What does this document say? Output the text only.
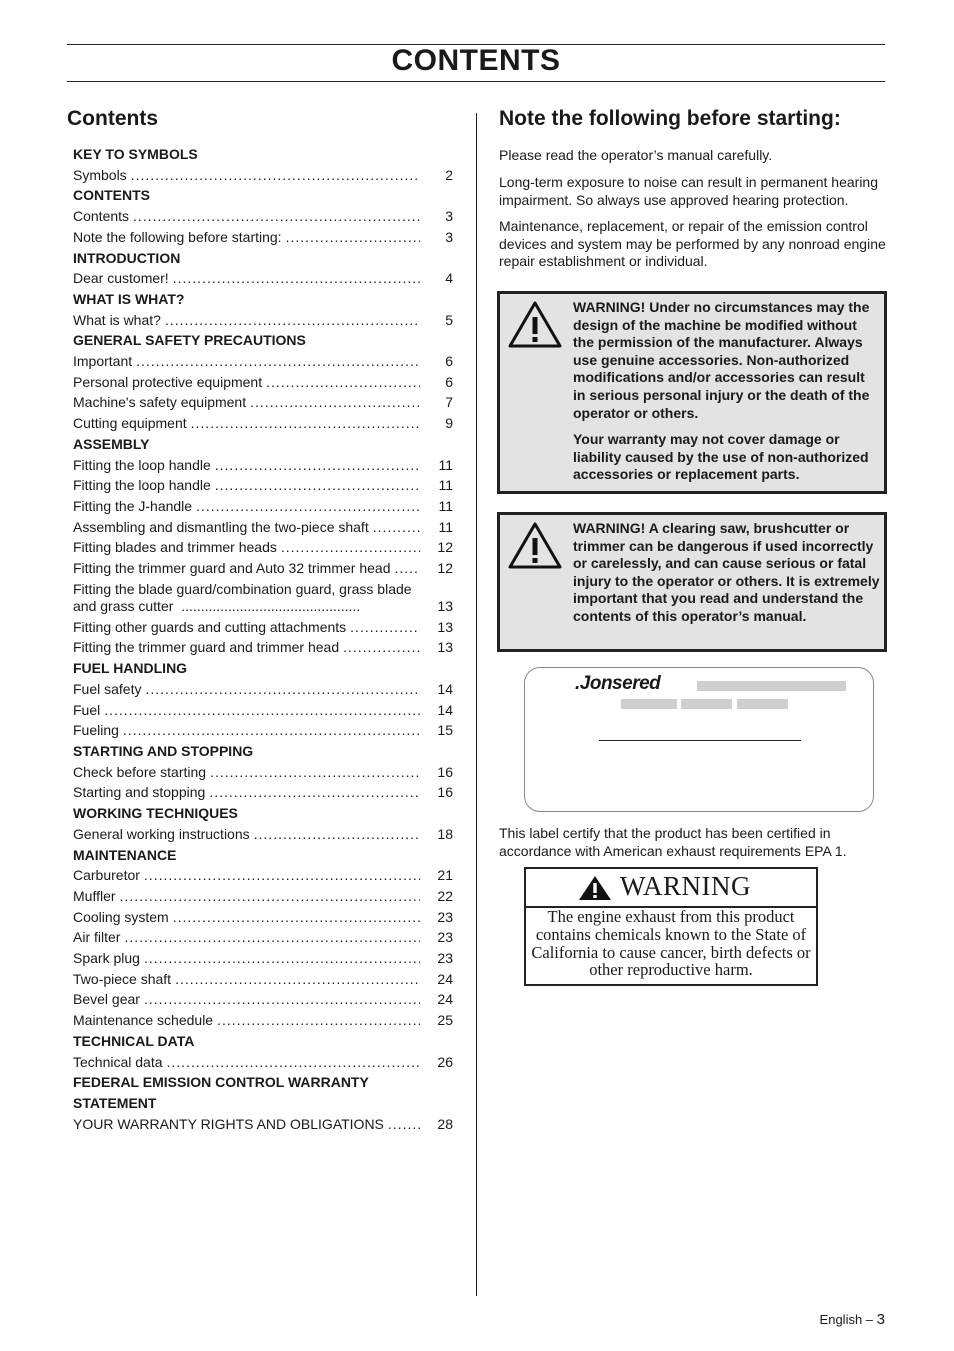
CONTENTS
Contents
KEY TO SYMBOLS
Symbols .....	2
CONTENTS
Contents .....	3
Note the following before starting: .....	3
INTRODUCTION
Dear customer! .....	4
WHAT IS WHAT?
What is what? .....	5
GENERAL SAFETY PRECAUTIONS
Important .....	6
Personal protective equipment .....	6
Machine's safety equipment .....	7
Cutting equipment .....	9
ASSEMBLY
Fitting the loop handle .....	11
Fitting the loop handle .....	11
Fitting the J-handle .....	11
Assembling and dismantling the two-piece shaft .....	11
Fitting blades and trimmer heads .....	12
Fitting the trimmer guard and Auto 32 trimmer head .....	12
Fitting the blade guard/combination guard, grass blade and grass cutter ..............................................	13
Fitting other guards and cutting attachments .....	13
Fitting the trimmer guard and trimmer head .....	13
FUEL HANDLING
Fuel safety .....	14
Fuel .....	14
Fueling .....	15
STARTING AND STOPPING
Check before starting .....	16
Starting and stopping .....	16
WORKING TECHNIQUES
General working instructions .....	18
MAINTENANCE
Carburetor .....	21
Muffler .....	22
Cooling system .....	23
Air filter .....	23
Spark plug .....	23
Two-piece shaft .....	24
Bevel gear .....	24
Maintenance schedule .....	25
TECHNICAL DATA
Technical data .....	26
FEDERAL EMISSION CONTROL WARRANTY STATEMENT
YOUR WARRANTY RIGHTS AND OBLIGATIONS .....	28
Note the following before starting:
Please read the operator’s manual carefully.
Long-term exposure to noise can result in permanent hearing impairment. So always use approved hearing protection.
Maintenance, replacement, or repair of the emission control devices and system may be performed by any nonroad engine repair establishment or individual.

WARNING! Under no circumstances may the design of the machine be modified without the permission of the manufacturer. Always use genuine accessories. Non-authorized modifications and/or accessories can result in serious personal injury or the death of the operator or others.

Your warranty may not cover damage or liability caused by the use of non-authorized accessories or replacement parts.

WARNING! A clearing saw, brushcutter or trimmer can be dangerous if used incorrectly or carelessly, and can cause serious or fatal injury to the operator or others. It is extremely important that you read and understand the contents of this operator’s manual.

.Jonsered
This label certify that the product has been certified in accordance with American exhaust requirements EPA 1.
WARNING
The engine exhaust from this product contains chemicals known to the State of California to cause cancer, birth defects or other reproductive harm.
English – 3
